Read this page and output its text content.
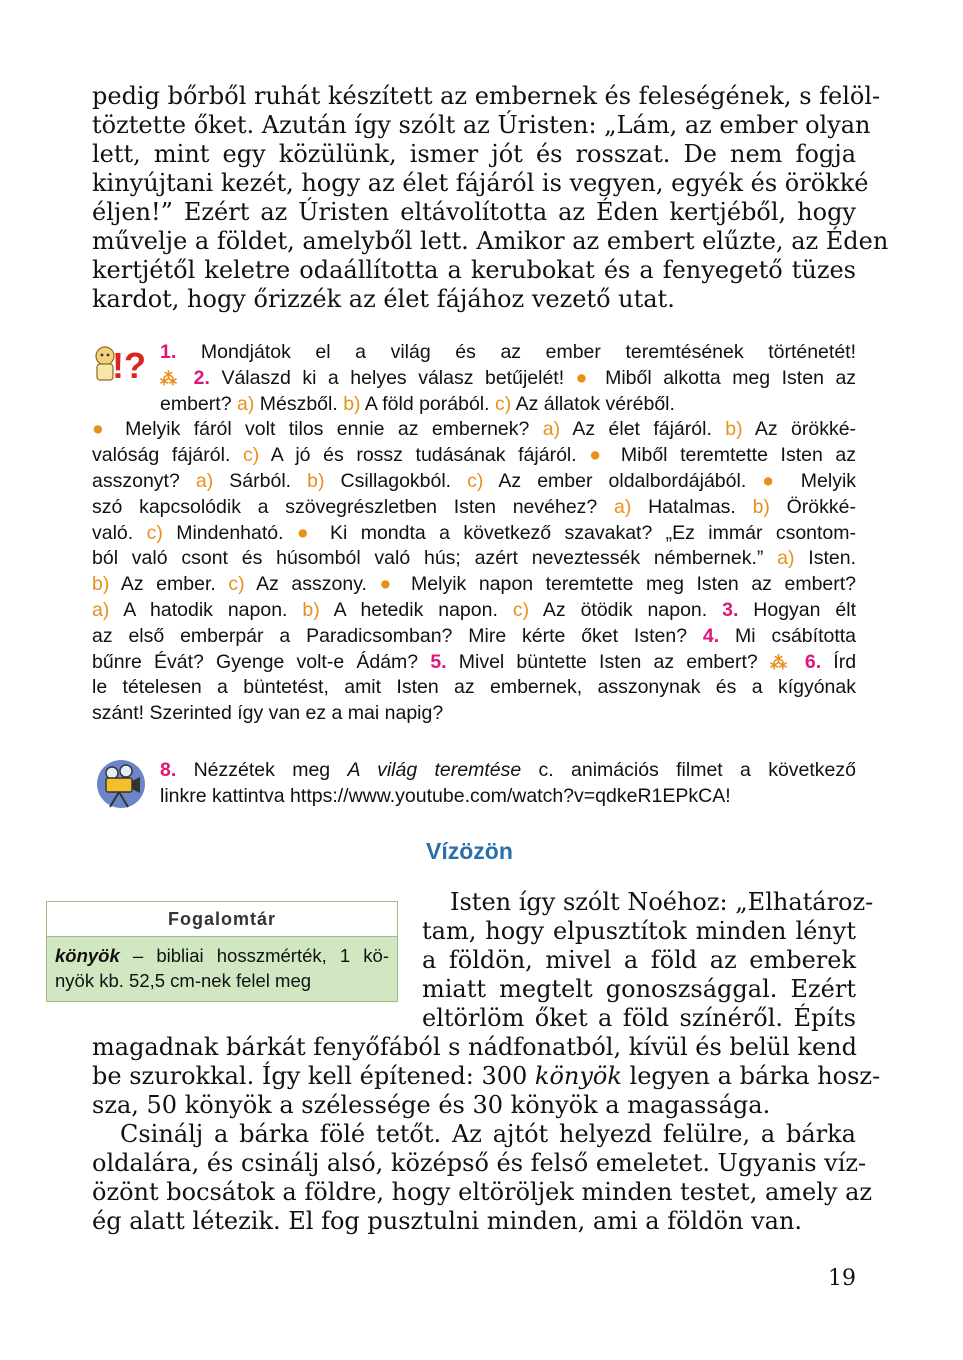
pedig bőrből ruhát készített az embernek és feleségének, s felöl-
töztette őket. Azután így szólt az Úristen: „Lám, az ember olyan
lett, mint egy közülünk, ismer jót és rosszat. De nem fogja
kinyújtani kezét, hogy az élet fájáról is vegyen, egyék és örökké
éljen!” Ezért az Úristen eltávolította az Éden kertjéből, hogy
művelje a földet, amelyből lett. Amikor az embert elűzte, az Éden
kertjétől keletre odaállította a kerubokat és a fenyegető tüzes
kardot, hogy őrizzék az élet fájához vezető utat.
!? 1. Mondjátok el a világ és az ember teremtésének történetét!
⁂ 2. Válaszd ki a helyes válasz betűjelét! ● Miből alkotta meg Isten az
embert? a) Mészből. b) A föld porából. c) Az állatok véréből.
● Melyik fáról volt tilos ennie az embernek? a) Az élet fájáról. b) Az örökké-
valóság fájáról. c) A jó és rossz tudásának fájáról. ● Miből teremtette Isten az
asszonyt? a) Sárból. b) Csillagokból. c) Az ember oldalbordájából. ● Melyik
szó kapcsolódik a szövegrészletben Isten nevéhez? a) Hatalmas. b) Örökké-
való. c) Mindenható. ● Ki mondta a következő szavakat? „Ez immár csontom-
ból való csont és húsomból való hús; azért neveztessék némbernek.” a) Isten.
b) Az ember. c) Az asszony. ● Melyik napon teremtette meg Isten az embert?
a) A hatodik napon. b) A hetedik napon. c) Az ötödik napon. 3. Hogyan élt
az első emberpár a Paradicsomban? Mire kérte őket Isten? 4. Mi csábította
bűnre Évát? Gyenge volt-e Ádám? 5. Mivel büntette Isten az embert? ⁂ 6. Írd
le tételesen a büntetést, amit Isten az embernek, asszonynak és a kígyónak
szánt! Szerinted így van ez a mai napig?
8. Nézzétek meg A világ teremtése c. animációs filmet a következő
linkre kattintva https://www.youtube.com/watch?v=qdkeR1EPkCA!
Vízözön
Fogalomtár
könyök – bibliai hosszmérték, 1 kö-
nyök kb. 52,5 cm-nek felel meg
Isten így szólt Noéhoz: „Elhatároz-
tam, hogy elpusztítok minden lényt
a földön, mivel a föld az emberek
miatt megtelt gonoszsággal. Ezért
eltörlöm őket a föld színéről. Építs
magadnak bárkát fenyőfából s nádfonatból, kívül és belül kend
be szurokkal. Így kell építened: 300 könyök legyen a bárka hosz-
sza, 50 könyök a szélessége és 30 könyök a magassága.
Csinálj a bárka fölé tetőt. Az ajtót helyezd felülre, a bárka
oldalára, és csinálj alsó, középső és felső emeletet. Ugyanis víz-
özönt bocsátok a földre, hogy eltöröljek minden testet, amely az
ég alatt létezik. El fog pusztulni minden, ami a földön van.
19
